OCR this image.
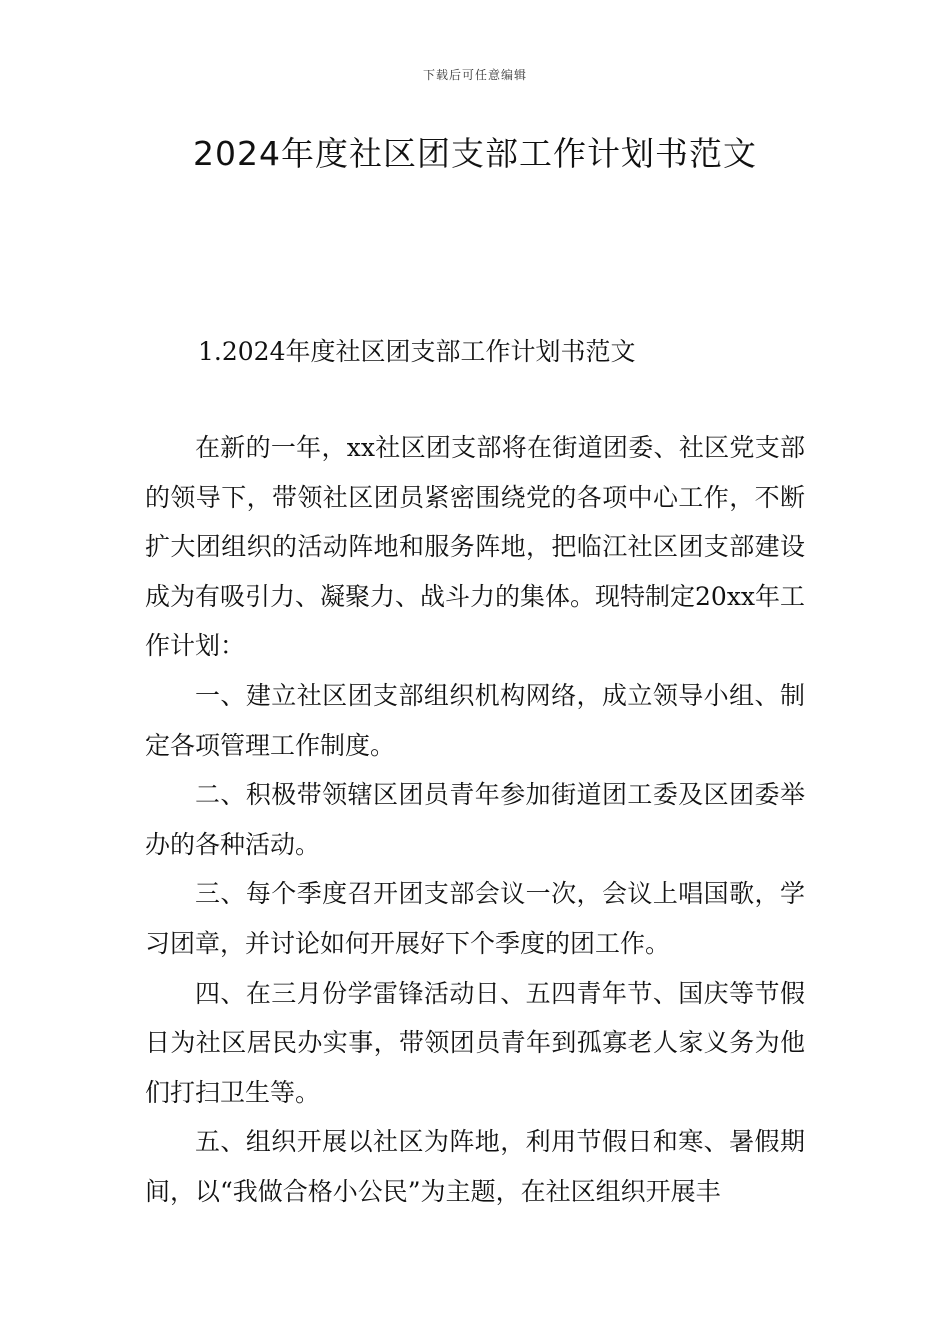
下载后可任意编辑
2024年度社区团支部工作计划书范文
1.2024年度社区团支部工作计划书范文

在新的一年，xx社区团支部将在街道团委、社区党支部的领导下，带领社区团员紧密围绕党的各项中心工作，不断扩大团组织的活动阵地和服务阵地，把临江社区团支部建设成为有吸引力、凝聚力、战斗力的集体。现特制定20xx年工作计划：

一、建立社区团支部组织机构网络，成立领导小组、制定各项管理工作制度。

二、积极带领辖区团员青年参加街道团工委及区团委举办的各种活动。

三、每个季度召开团支部会议一次，会议上唱国歌，学习团章，并讨论如何开展好下个季度的团工作。

四、在三月份学雷锋活动日、五四青年节、国庆等节假日为社区居民办实事，带领团员青年到孤寡老人家义务为他们打扫卫生等。

五、组织开展以社区为阵地，利用节假日和寒、暑假期间，以“我做合格小公民”为主题，在社区组织开展丰
